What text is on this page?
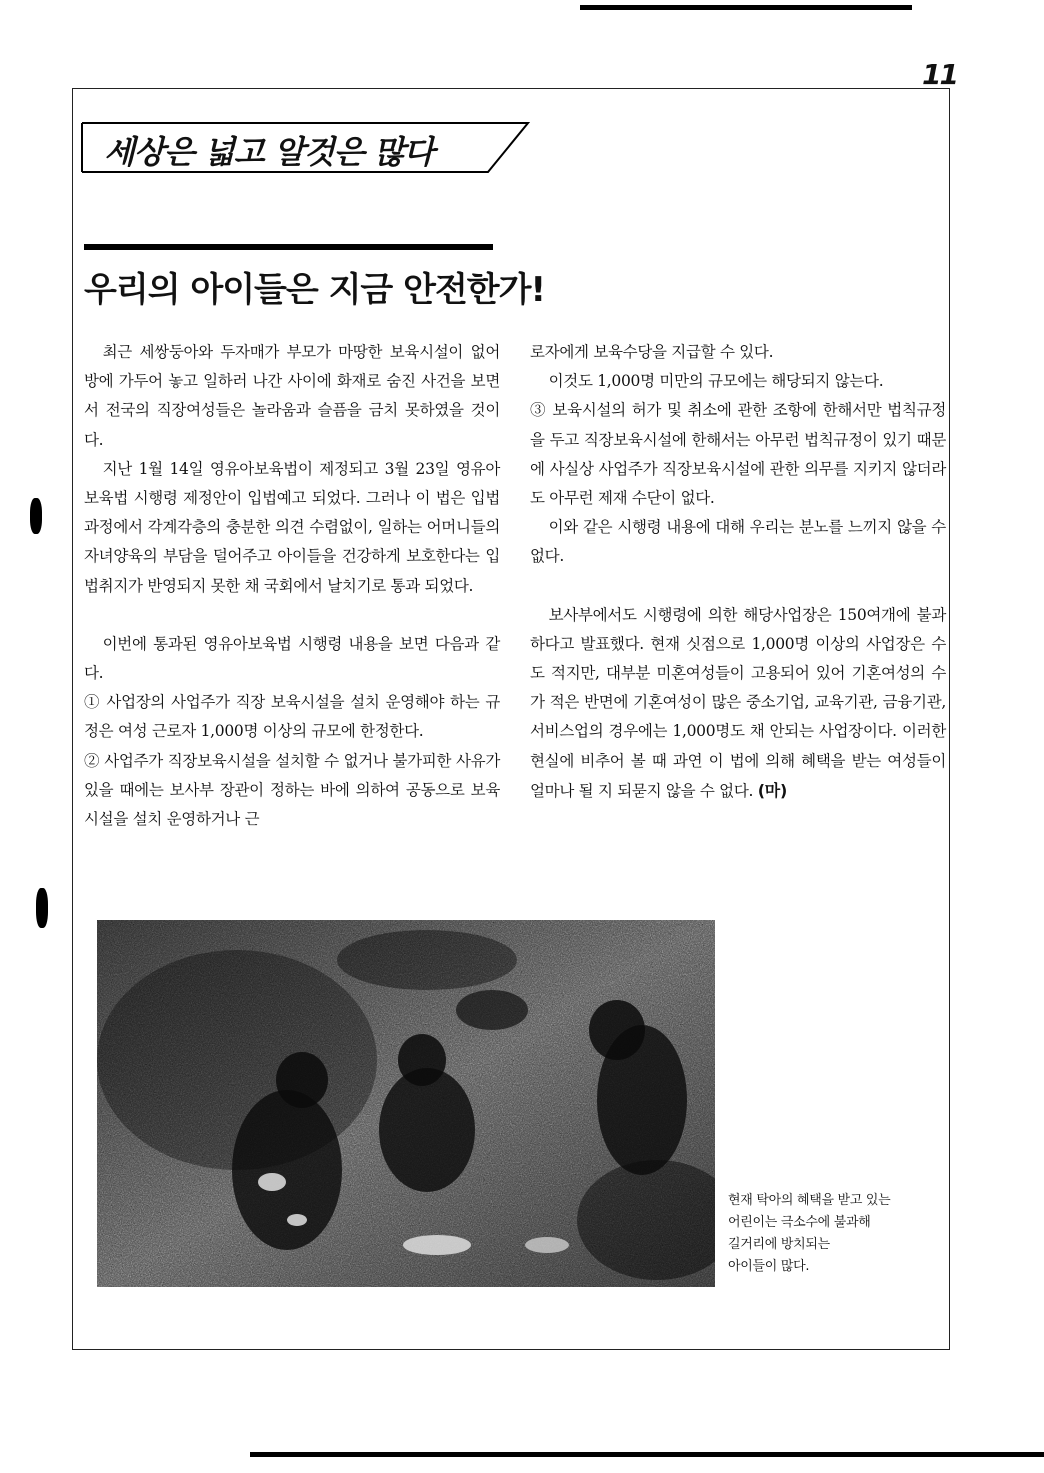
11
세상은 넓고 알것은 많다
우리의 아이들은 지금 안전한가!

최근 세쌍둥아와 두자매가 부모가 마땅한 보육시설이 없어 방에 가두어 놓고 일하러 나간 사이에 화재로 숨진 사건을 보면서 전국의 직장여성들은 놀라움과 슬픔을 금치 못하였을 것이다.

지난 1월 14일 영유아보육법이 제정되고 3월 23일 영유아보육법 시행령 제정안이 입법예고 되었다. 그러나 이 법은 입법과정에서 각계각층의 충분한 의견 수렴없이, 일하는 어머니들의 자녀양육의 부담을 덜어주고 아이들을 건강하게 보호한다는 입법취지가 반영되지 못한 채 국회에서 날치기로 통과 되었다.

이번에 통과된 영유아보육법 시행령 내용을 보면 다음과 같다.

① 사업장의 사업주가 직장 보육시설을 설치 운영해야 하는 규정은 여성 근로자 1,000명 이상의 규모에 한정한다.

② 사업주가 직장보육시설을 설치할 수 없거나 불가피한 사유가 있을 때에는 보사부 장관이 정하는 바에 의하여 공동으로 보육시설을 설치 운영하거나 근

로자에게 보육수당을 지급할 수 있다.

이것도 1,000명 미만의 규모에는 해당되지 않는다.

③ 보육시설의 허가 및 취소에 관한 조항에 한해서만 법칙규정을 두고 직장보육시설에 한해서는 아무런 법칙규정이 있기 때문에 사실상 사업주가 직장보육시설에 관한 의무를 지키지 않더라도 아무런 제재 수단이 없다.

이와 같은 시행령 내용에 대해 우리는 분노를 느끼지 않을 수 없다.

보사부에서도 시행령에 의한 해당사업장은 150여개에 불과하다고 발표했다. 현재 싯점으로 1,000명 이상의 사업장은 수도 적지만, 대부분 미혼여성들이 고용되어 있어 기혼여성의 수가 적은 반면에 기혼여성이 많은 중소기업, 교육기관, 금융기관, 서비스업의 경우에는 1,000명도 채 안되는 사업장이다. 이러한 현실에 비추어 볼 때 과연 이 법에 의해 혜택을 받는 여성들이 얼마나 될 지 되묻지 않을 수 없다. (마)

현재 탁아의 혜택을 받고 있는

어린이는 극소수에 불과해

길거리에 방치되는

아이들이 많다.
